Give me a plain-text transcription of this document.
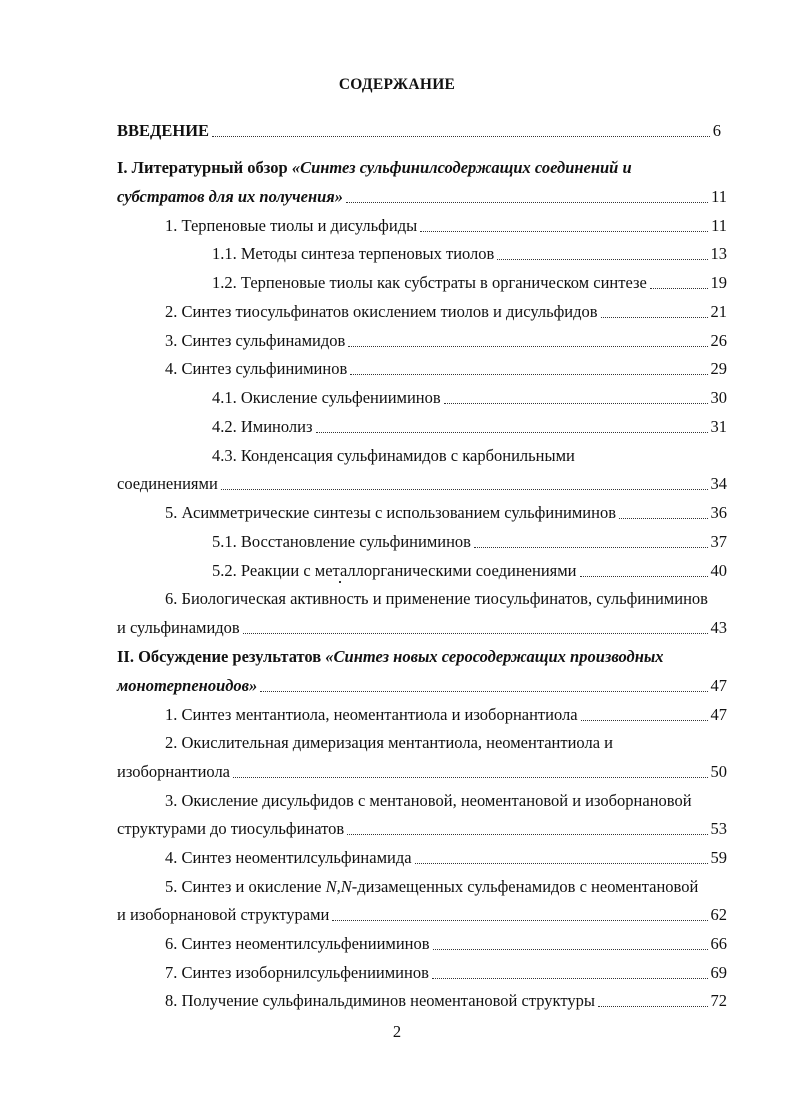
СОДЕРЖАНИЕ
ВВЕДЕНИЕ	6
I. Литературный обзор «Синтез сульфинилсодержащих соединений и
субстратов для их получения»	11
1. Терпеновые тиолы и дисульфиды	11
1.1. Методы синтеза терпеновых тиолов	13
1.2. Терпеновые тиолы как субстраты в органическом синтезе	19
2. Синтез тиосульфинатов окислением тиолов и дисульфидов	21
3. Синтез сульфинамидов	26
4. Синтез сульфиниминов	29
4.1. Окисление сульфенииминов	30
4.2. Иминолиз	31
4.3. Конденсация сульфинамидов с карбонильными
соединениями	34
5. Асимметрические синтезы с использованием сульфиниминов	36
5.1. Восстановление сульфиниминов	37
5.2. Реакции с металлорганическими соединениями	40
6. Биологическая активность и применение тиосульфинатов, сульфиниминов
и сульфинамидов	43
II. Обсуждение результатов «Синтез новых серосодержащих производных
монотерпеноидов»	47
1. Синтез ментантиола, неоментантиола и изоборнантиола	47
2. Окислительная димеризация ментантиола, неоментантиола и
изоборнантиола	50
3. Окисление дисульфидов с ментановой, неоментановой и изоборнановой
структурами до тиосульфинатов	53
4. Синтез неоментилсульфинамида	59
5. Синтез и окисление N,N-дизамещенных сульфенамидов с неоментановой
и изоборнановой структурами	62
6. Синтез неоментилсульфенииминов	66
7. Синтез изоборнилсульфенииминов	69
8. Получение сульфинальдиминов неоментановой структуры	72
2
